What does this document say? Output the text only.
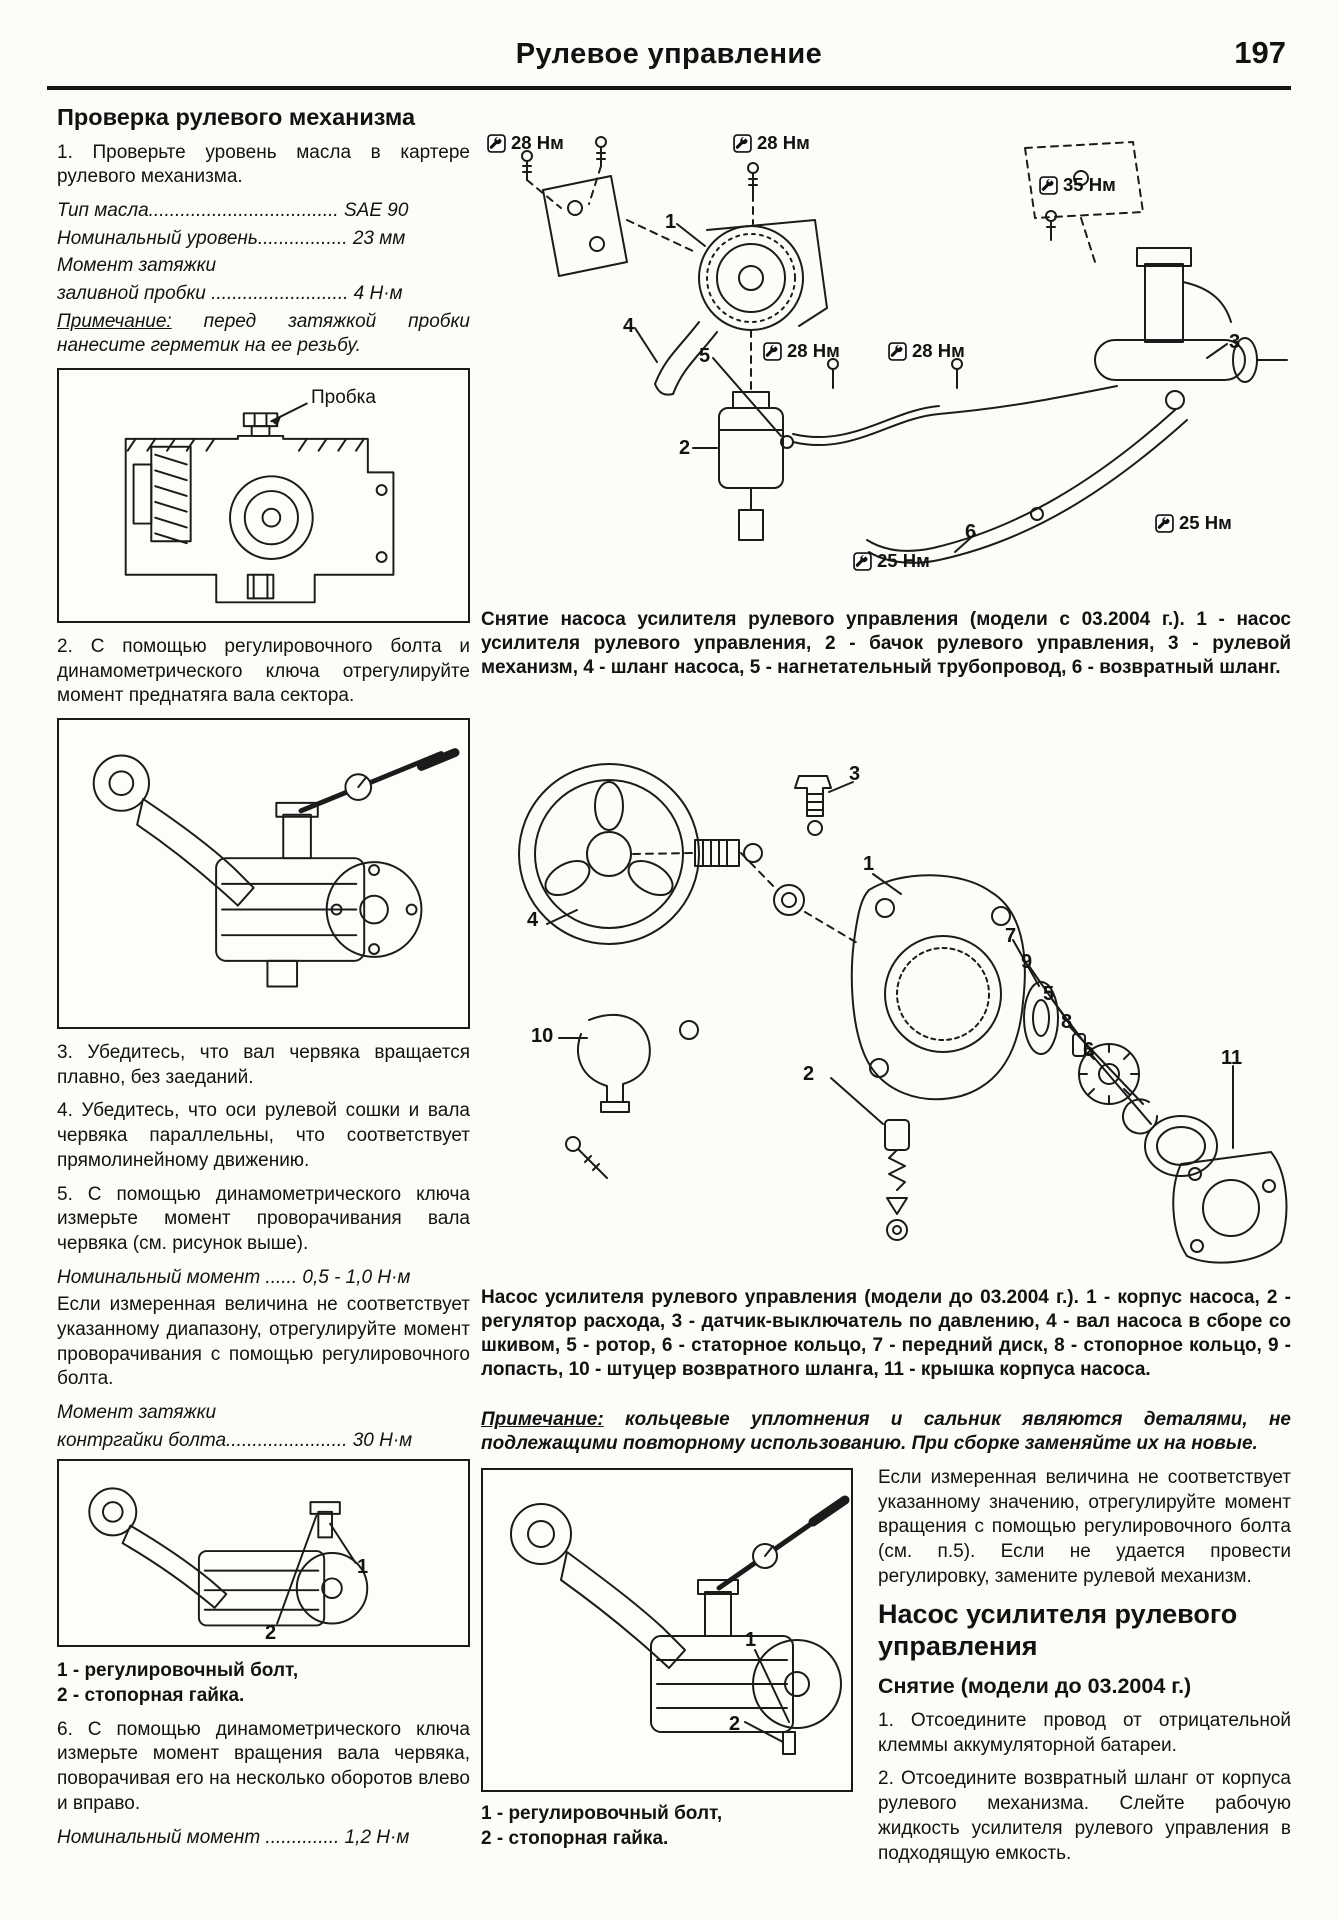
Рулевое управление	197
Проверка рулевого механизма

1. Проверьте уровень масла в картере рулевого механизма.

Тип масла.................................... SAE 90

Номинальный уровень................. 23 мм

Момент затяжки

заливной пробки .......................... 4 Н·м

Примечание: перед затяжкой пробки нанесите герметик на ее резьбу.

Пробка

2. С помощью регулировочного болта и динамометрического ключа отрегулируйте момент преднатяга вала сектора.

3. Убедитесь, что вал червяка вращается плавно, без заеданий.

4. Убедитесь, что оси рулевой сошки и вала червяка параллельны, что соответствует прямолинейному движению.

5. С помощью динамометрического ключа измерьте момент проворачивания вала червяка (см. рисунок выше).

Номинальный момент ...... 0,5 - 1,0 Н·м

Если измеренная величина не соответствует указанному диапазону, отрегулируйте момент проворачивания с помощью регулировочного болта.

Момент затяжки

контргайки болта....................... 30 Н·м

1
2
1 - регулировочный болт,
2 - стопорная гайка.

6. С помощью динамометрического ключа измерьте момент вращения вала червяка, поворачивая его на несколько оборотов влево и вправо.

Номинальный момент .............. 1,2 Н·м

28 Нм	28 Нм
35 Нм
28 Нм	28 Нм
25 Нм
25 Нм
1
2
3
4
5
6
Снятие насоса усилителя рулевого управления (модели с 03.2004 г.). 1 - насос усилителя рулевого управления, 2 - бачок рулевого управления, 3 - рулевой механизм, 4 - шланг насоса, 5 - нагнетательный трубопровод, 6 - возвратный шланг.
1
2
3
4
5
6
7
8
9
10
11
Насос усилителя рулевого управления (модели до 03.2004 г.). 1 - корпус насоса, 2 - регулятор расхода, 3 - датчик-выключатель по давлению, 4 - вал насоса в сборе со шкивом, 5 - ротор, 6 - статорное кольцо, 7 - передний диск, 8 - стопорное кольцо, 9 - лопасть, 10 - штуцер возвратного шланга, 11 - крышка корпуса насоса.
Примечание: кольцевые уплотнения и сальник являются деталями, не подлежащими повторному использованию. При сборке заменяйте их на новые.
1
2
1 - регулировочный болт,
2 - стопорная гайка.

Если измеренная величина не соответствует указанному значению, отрегулируйте момент вращения с помощью регулировочного болта (см. п.5). Если не удается провести регулировку, замените рулевой механизм.

Насос усилителя рулевого управления
Снятие (модели до 03.2004 г.)

1. Отсоедините провод от отрицательной клеммы аккумуляторной батареи.

2. Отсоедините возвратный шланг от корпуса рулевого механизма. Слейте рабочую жидкость усилителя рулевого управления в подходящую емкость.
